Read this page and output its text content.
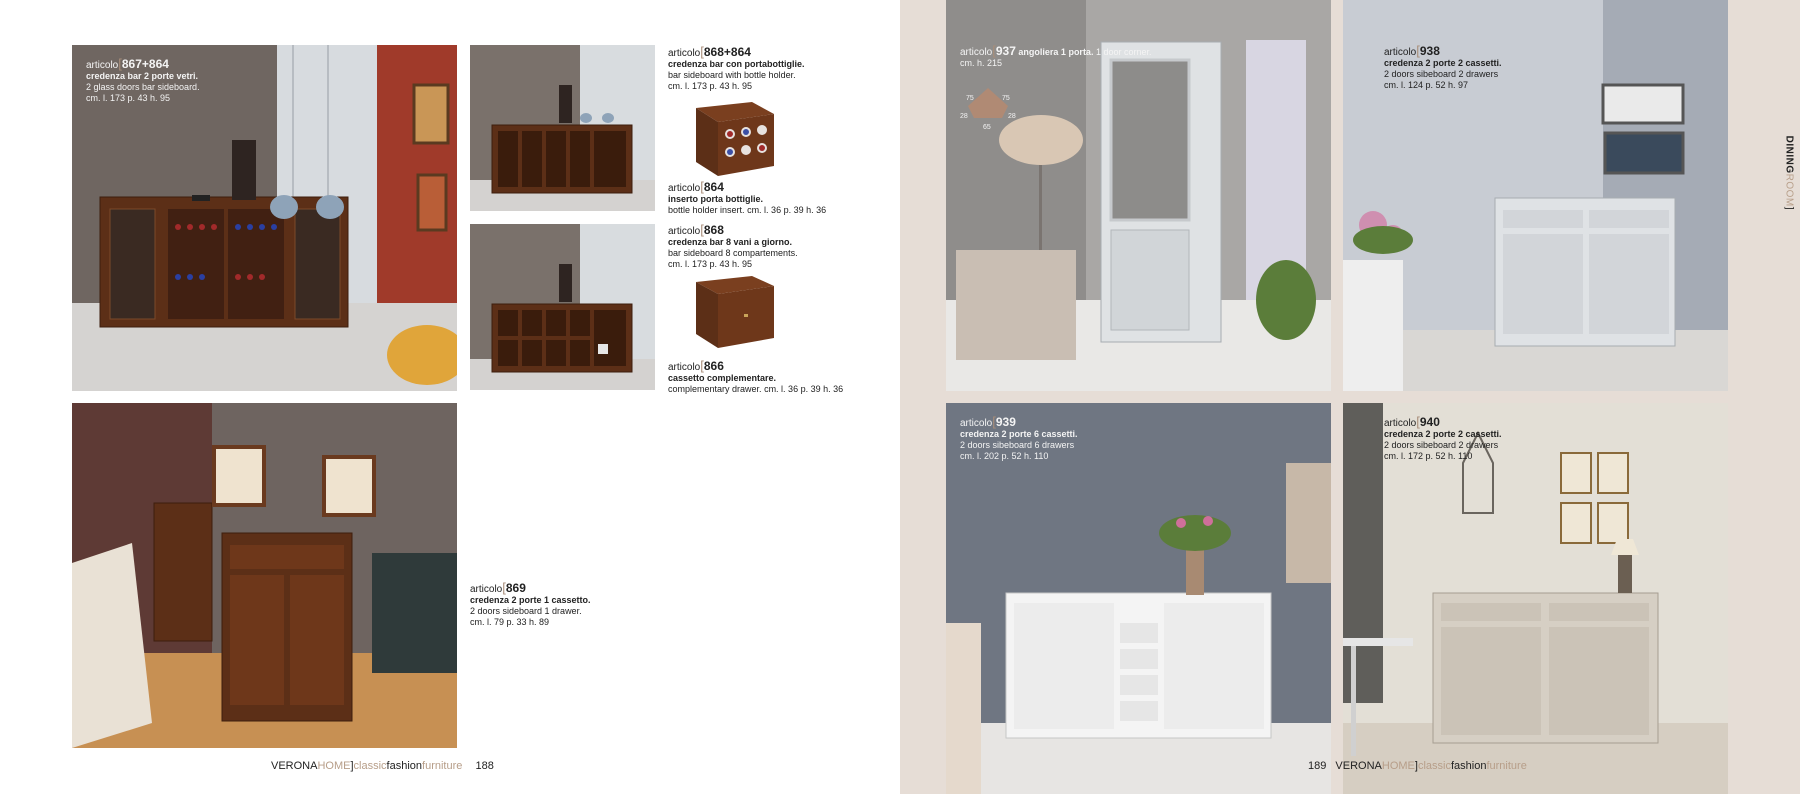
articolo[867+864
credenza bar 2 porte vetri.
2 glass doors bar sideboard.
cm. l. 173 p. 43 h. 95
articolo[868+864
credenza bar con portabottiglie.
bar sideboard with bottle holder.
cm. l. 173 p. 43 h. 95
articolo[864
inserto porta bottiglie.
bottle holder insert. cm. l. 36 p. 39 h. 36
articolo[868
credenza bar 8 vani a giorno.
bar sideboard 8 compartements.
cm. l. 173 p. 43 h. 95
articolo[866
cassetto complementare.
complementary drawer. cm. l. 36 p. 39 h. 36
articolo[869
credenza 2 porte 1 cassetto.
2 doors sideboard 1 drawer.
cm. l. 79 p. 33 h. 89
VERONAHOME]classicfashionfurniture 188
articolo[937 angoliera 1 porta. 1 door corner.
cm. h. 215
75	75
28	28
65
articolo[938
credenza 2 porte 2 cassetti.
2 doors sibeboard 2 drawers
cm. l. 124 p. 52 h. 97
articolo[939
credenza 2 porte 6 cassetti.
2 doors sibeboard 6 drawers
cm. l. 202 p. 52 h. 110
articolo[940
credenza 2 porte 2 cassetti.
2 doors sibeboard 2 drawers
cm. l. 172 p. 52 h. 110
DININGROOM]
189 VERONAHOME]classicfashionfurniture
